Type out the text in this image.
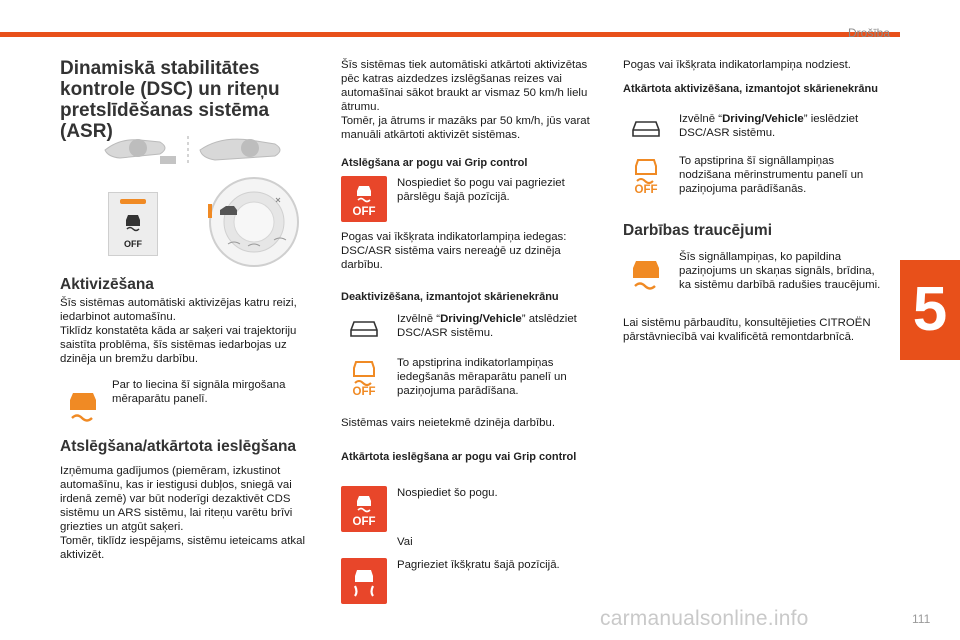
Drošība
5
Dinamiskā stabilitātes
kontrole (DSC) un riteņu
pretslīdēšanas sistēma (ASR)
OFF
Aktivizēšana
Šīs sistēmas automātiski aktivizējas katru reizi, iedarbinot automašīnu.
Tiklīdz konstatēta kāda ar saķeri vai trajektoriju saistīta problēma, šīs sistēmas iedarbojas uz dzinēja un bremžu darbību.
Par to liecina šī signāla mirgošana mēraparātu panelī.
Atslēgšana/atkārtota ieslēgšana
Izņēmuma gadījumos (piemēram, izkustinot automašīnu, kas ir iestigusi dubļos, sniegā vai irdenā zemē) var būt noderīgi dezaktivēt CDS sistēmu un ARS sistēmu, lai riteņu varētu brīvi griezties un atgūt saķeri.
Tomēr, tiklīdz iespējams, sistēmu ieteicams atkal aktivizēt.
Šīs sistēmas tiek automātiski atkārtoti aktivizētas pēc katras aizdedzes izslēgšanas reizes vai automašīnai sākot braukt ar vismaz 50 km/h lielu ātrumu.
Tomēr, ja ātrums ir mazāks par 50 km/h, jūs varat manuāli atkārtoti aktivizēt sistēmas.
Atslēgšana ar pogu vai Grip control
OFF
Nospiediet šo pogu vai pagrieziet pārslēgu šajā pozīcijā.
Pogas vai īkšķrata indikatorlampiņa iedegas: DSC/ASR sistēma vairs nereaģē uz dzinēja darbību.
Deaktivizēšana, izmantojot skārienekrānu
Izvēlnē “Driving/Vehicle” atslēdziet DSC/ASR sistēmu.
OFF
To apstiprina indikatorlampiņas iedegšanās mēraparātu panelī un paziņojuma parādīšana.
Sistēmas vairs neietekmē dzinēja darbību.
Atkārtota ieslēgšana ar pogu vai Grip control
OFF
Nospiediet šo pogu.
Vai
Pagrieziet īkšķratu šajā pozīcijā.
Pogas vai īkšķrata indikatorlampiņa nodziest.
Atkārtota aktivizēšana, izmantojot skārienekrānu
Izvēlnē “Driving/Vehicle” ieslēdziet DSC/ASR sistēmu.
OFF
To apstiprina šī signāllampiņas nodzišana mērinstrumentu panelī un paziņojuma parādīšanās.
Darbības traucējumi
Šīs signāllampiņas, ko papildina paziņojums un skaņas signāls, brīdina, ka sistēmu darbībā radušies traucējumi.
Lai sistēmu pārbaudītu, konsultējieties CITROËN pārstāvniecībā vai kvalificētā remontdarbnīcā.
carmanualsonline.info	111
